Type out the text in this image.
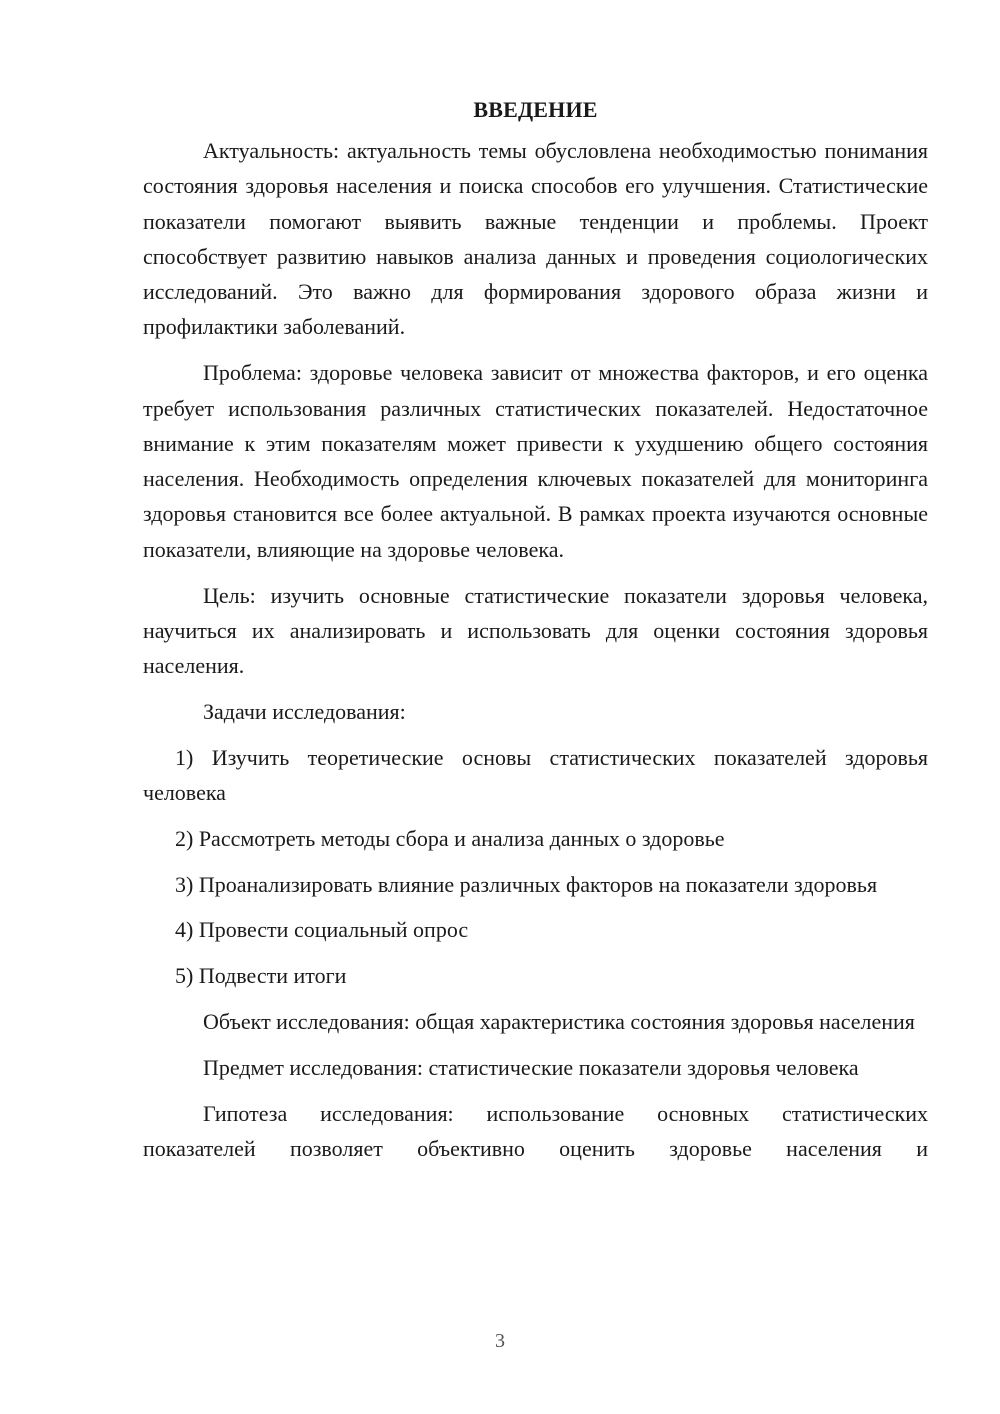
ВВЕДЕНИЕ

Актуальность: актуальность темы обусловлена необходимостью понимания состояния здоровья населения и поиска способов его улучшения. Статистические показатели помогают выявить важные тенденции и проблемы. Проект способствует развитию навыков анализа данных и проведения социологических исследований. Это важно для формирования здорового образа жизни и профилактики заболеваний.

Проблема: здоровье человека зависит от множества факторов, и его оценка требует использования различных статистических показателей. Недостаточное внимание к этим показателям может привести к ухудшению общего состояния населения. Необходимость определения ключевых показателей для мониторинга здоровья становится все более актуальной. В рамках проекта изучаются основные показатели, влияющие на здоровье человека.

Цель: изучить основные статистические показатели здоровья человека, научиться их анализировать и использовать для оценки состояния здоровья населения.

Задачи исследования:

1) Изучить теоретические основы статистических показателей здоровья человека

2) Рассмотреть методы сбора и анализа данных о здоровье

3) Проанализировать влияние различных факторов на показатели здоровья

4) Провести социальный опрос

5) Подвести итоги

Объект исследования: общая характеристика состояния здоровья населения

Предмет исследования: статистические показатели здоровья человека

Гипотеза исследования: использование основных статистических показателей позволяет объективно оценить здоровье населения и

3
